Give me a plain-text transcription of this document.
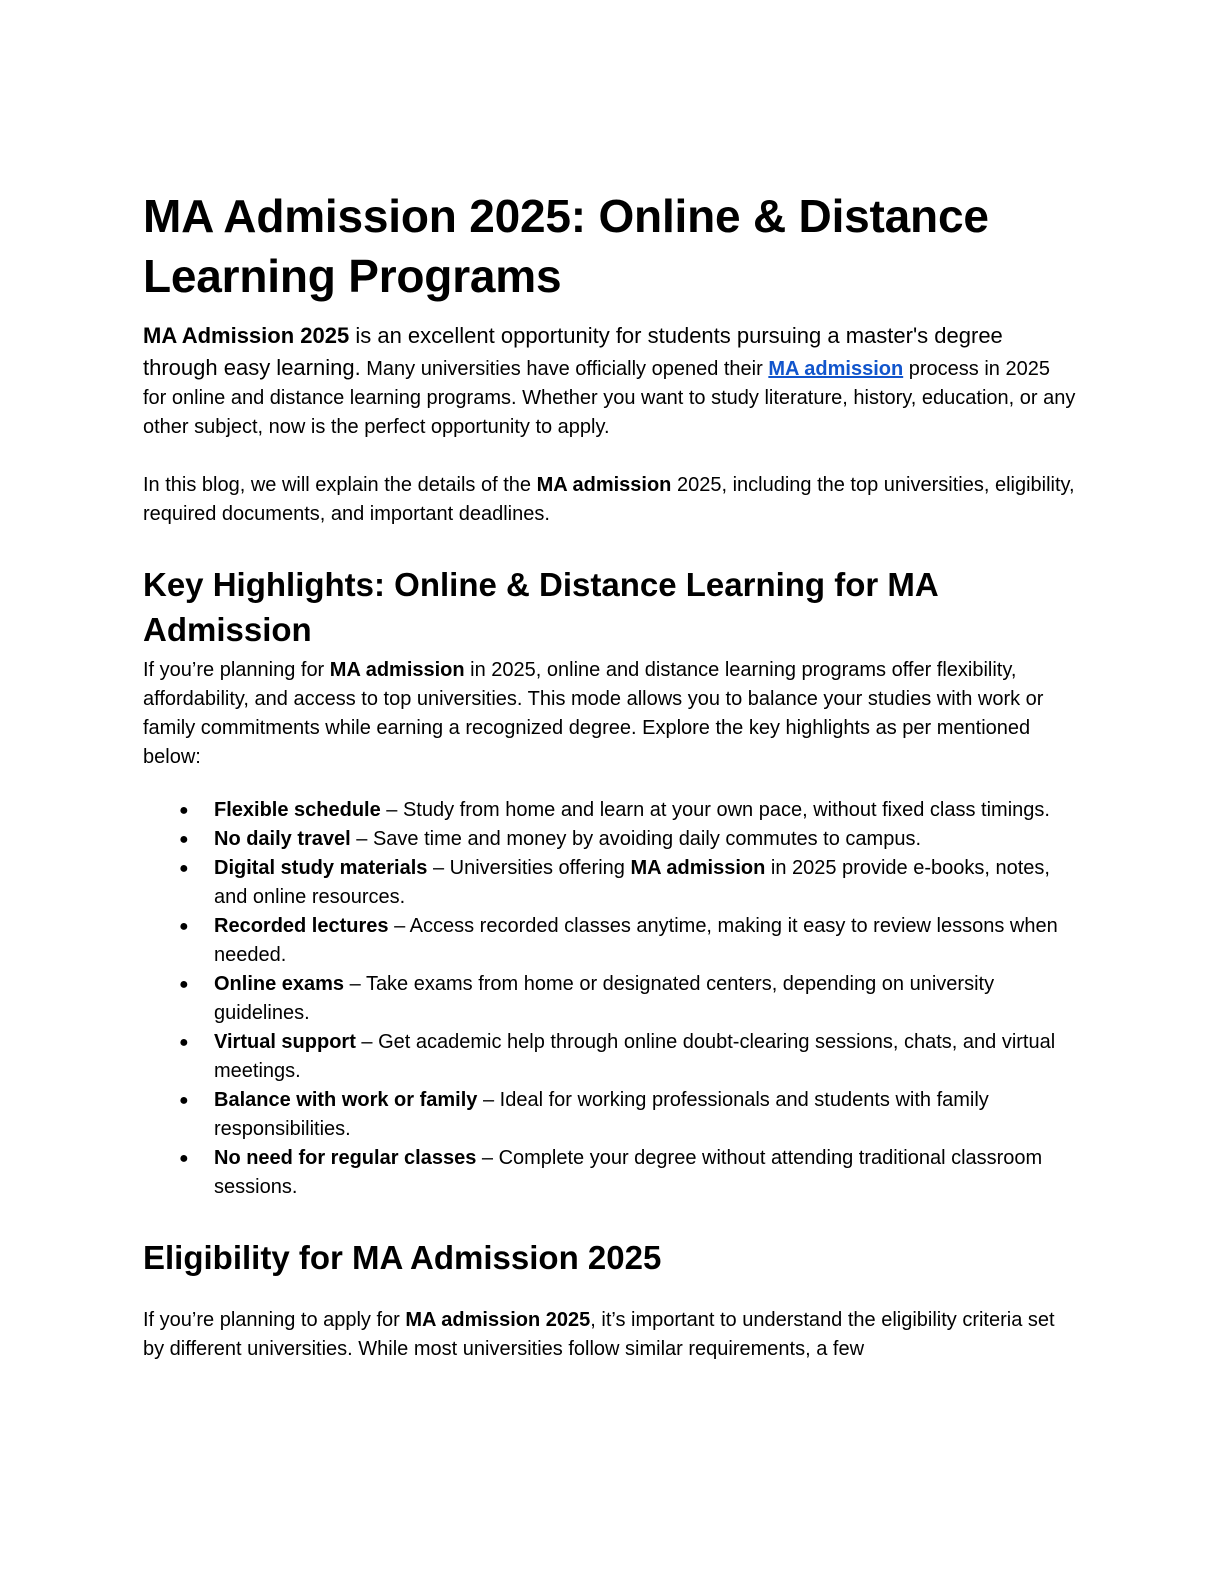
MA Admission 2025: Online & Distance Learning Programs

MA Admission 2025 is an excellent opportunity for students pursuing a master's degree through easy learning. Many universities have officially opened their MA admission process in 2025 for online and distance learning programs. Whether you want to study literature, history, education, or any other subject, now is the perfect opportunity to apply.

In this blog, we will explain the details of the MA admission 2025, including the top universities, eligibility, required documents, and important deadlines.

Key Highlights: Online & Distance Learning for MA Admission

If you’re planning for MA admission in 2025, online and distance learning programs offer flexibility, affordability, and access to top universities. This mode allows you to balance your studies with work or family commitments while earning a recognized degree. Explore the key highlights as per mentioned below:

● Flexible schedule – Study from home and learn at your own pace, without fixed class timings.
● No daily travel – Save time and money by avoiding daily commutes to campus.
● Digital study materials – Universities offering MA admission in 2025 provide e-books, notes, and online resources.
● Recorded lectures – Access recorded classes anytime, making it easy to review lessons when needed.
● Online exams – Take exams from home or designated centers, depending on university guidelines.
● Virtual support – Get academic help through online doubt-clearing sessions, chats, and virtual meetings.
● Balance with work or family – Ideal for working professionals and students with family responsibilities.
● No need for regular classes – Complete your degree without attending traditional classroom sessions.
Eligibility for MA Admission 2025

If you’re planning to apply for MA admission 2025, it’s important to understand the eligibility criteria set by different universities. While most universities follow similar requirements, a few
